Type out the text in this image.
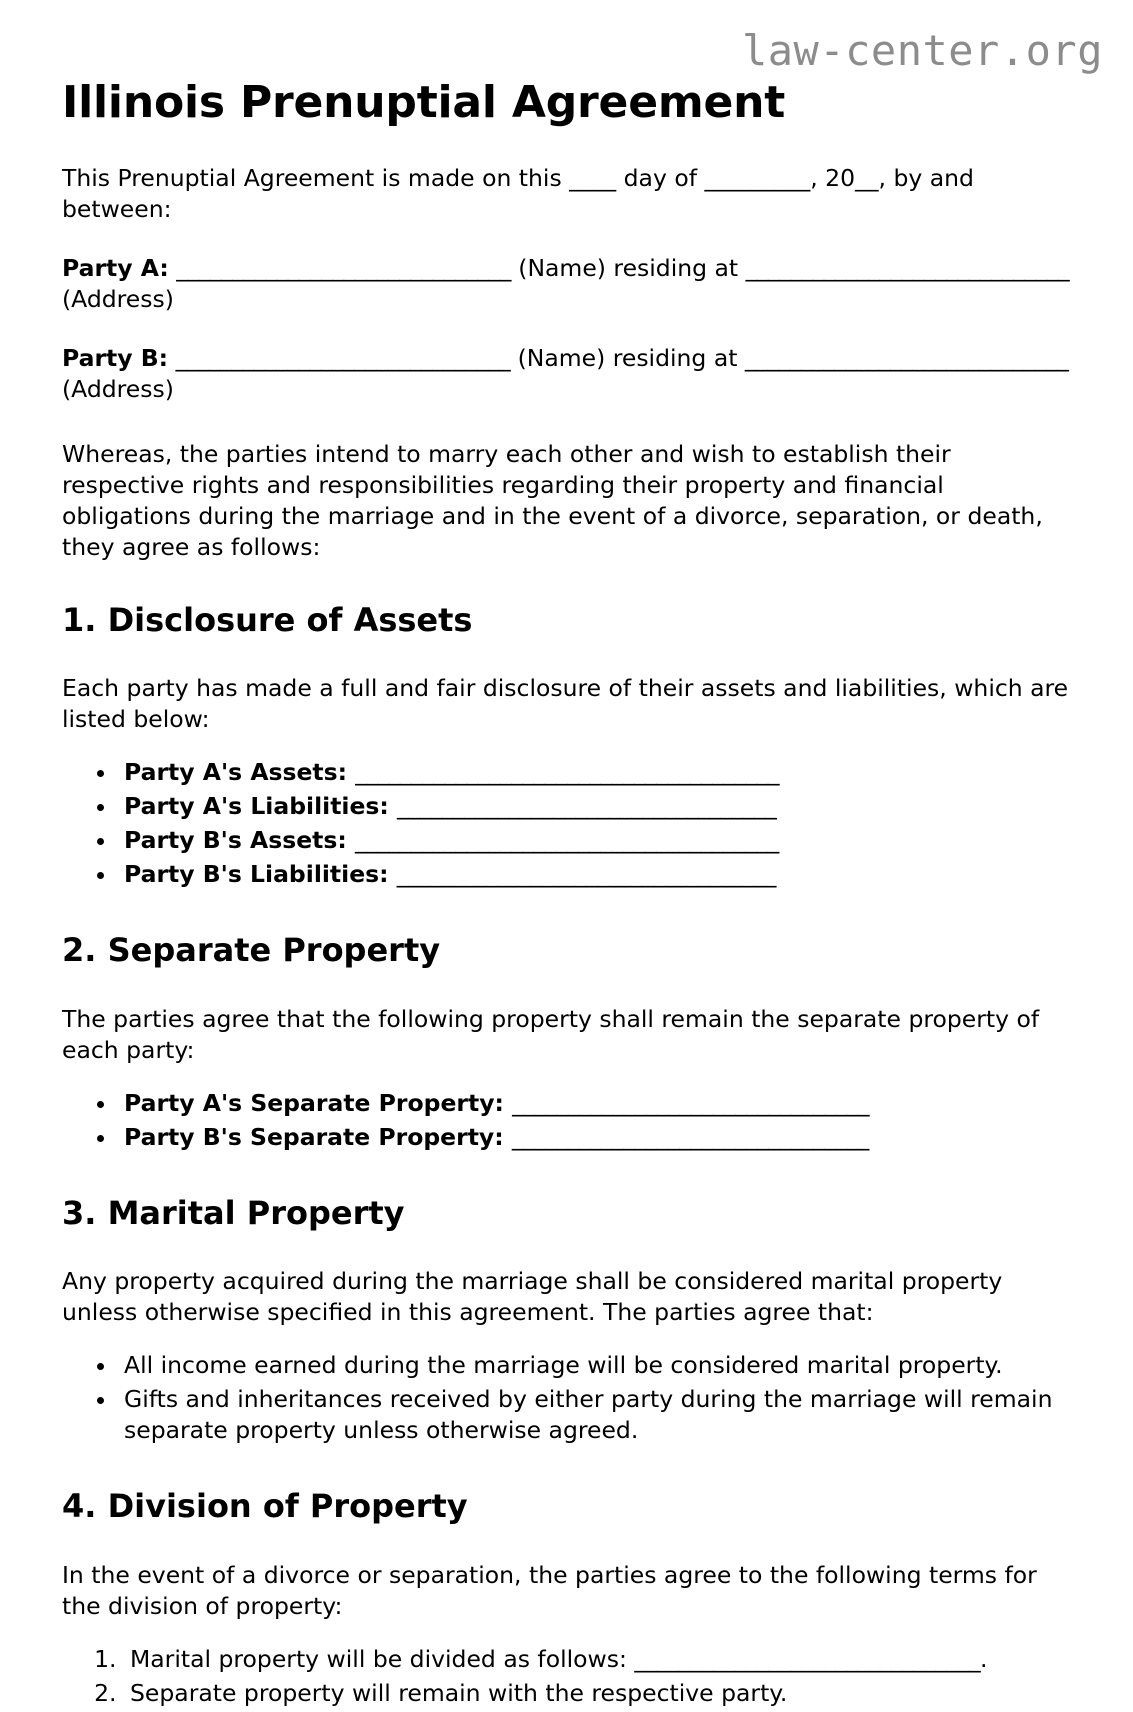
law-center.org
Illinois Prenuptial Agreement

This Prenuptial Agreement is made on this ____ day of _________, 20__, by and between:

Party A: ______________________________ (Name) residing at _____________________________
(Address)
Party B: ______________________________ (Name) residing at _____________________________
(Address)

Whereas, the parties intend to marry each other and wish to establish their respective rights and responsibilities regarding their property and financial obligations during the marriage and in the event of a divorce, separation, or death, they agree as follows:

1. Disclosure of Assets

Each party has made a full and fair disclosure of their assets and liabilities, which are listed below:

• Party A's Assets: ______________________________________
• Party A's Liabilities: __________________________________
• Party B's Assets: ______________________________________
• Party B's Liabilities: __________________________________
2. Separate Property

The parties agree that the following property shall remain the separate property of each party:

• Party A's Separate Property: ________________________________
• Party B's Separate Property: ________________________________
3. Marital Property

Any property acquired during the marriage shall be considered marital property unless otherwise specified in this agreement. The parties agree that:

• All income earned during the marriage will be considered marital property.
• Gifts and inheritances received by either party during the marriage will remain separate property unless otherwise agreed.
4. Division of Property

In the event of a divorce or separation, the parties agree to the following terms for the division of property:

1. Marital property will be divided as follows: _______________________________.
2. Separate property will remain with the respective party.
